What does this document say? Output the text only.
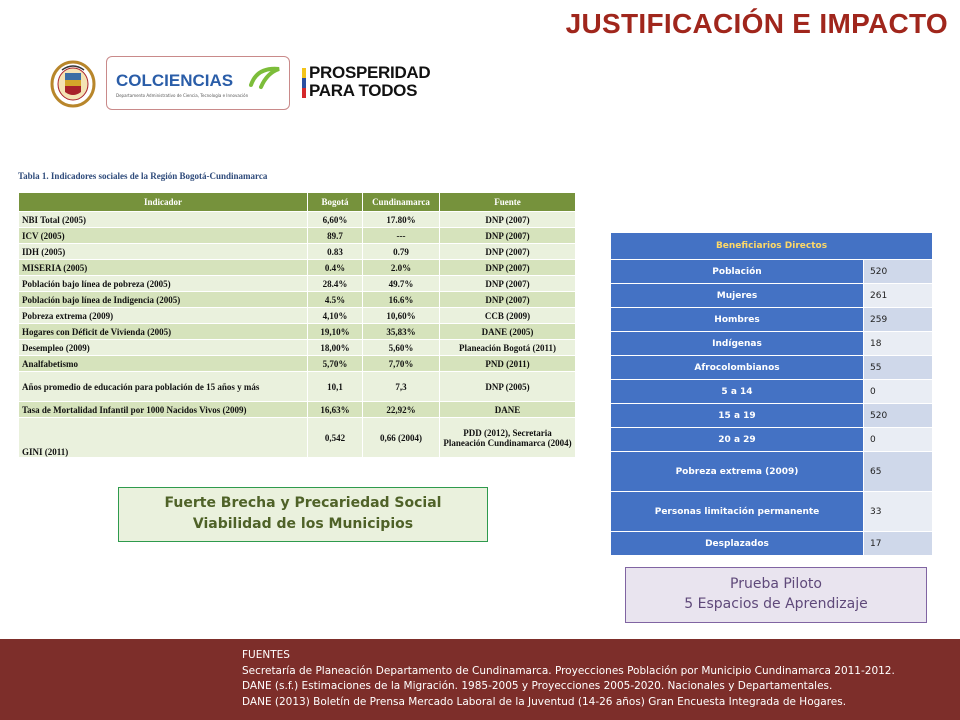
JUSTIFICACIÓN E IMPACTO
COLCIENCIAS
Departamento Administrativo de Ciencia, Tecnología e Innovación
PROSPERIDAD
PARA TODOS
Tabla 1. Indicadores sociales de la Región Bogotá-Cundinamarca
Indicador	Bogotá	Cundinamarca	Fuente
NBI Total (2005)	6,60%	17.80%	DNP (2007)
ICV (2005)	89.7	---	DNP (2007)
IDH (2005)	0.83	0.79	DNP (2007)
MISERIA (2005)	0.4%	2.0%	DNP (2007)
Población bajo línea de pobreza (2005)	28.4%	49.7%	DNP (2007)
Población bajo línea de Indigencia (2005)	4.5%	16.6%	DNP (2007)
Pobreza extrema (2009)	4,10%	10,60%	CCB (2009)
Hogares con Déficit de Vivienda (2005)	19,10%	35,83%	DANE (2005)
Desempleo (2009)	18,00%	5,60%	Planeación Bogotá (2011)
Analfabetismo	5,70%	7,70%	PND (2011)
Años promedio de educación para población de 15 años y más	10,1	7,3	DNP (2005)
Tasa de Mortalidad Infantil por 1000 Nacidos Vivos (2009)	16,63%	22,92%	DANE
GINI (2011)	0,542	0,66 (2004)	PDD (2012), Secretaria Planeación Cundinamarca (2004)
Fuerte Brecha y Precariedad Social
Viabilidad de los Municipios
Beneficiarios Directos	
Población	520
Mujeres	261
Hombres	259
Indígenas	18
Afrocolombianos	55
5 a 14	0
15 a 19	520
20 a 29	0
Pobreza extrema (2009)	65
Personas limitación permanente	33
Desplazados	17
Prueba Piloto
5 Espacios de Aprendizaje
FUENTES
Secretaría de Planeación Departamento de Cundinamarca. Proyecciones Población por Municipio Cundinamarca 2011-2012.
DANE (s.f.) Estimaciones de la Migración. 1985-2005 y Proyecciones 2005-2020. Nacionales y Departamentales.
DANE (2013) Boletín de Prensa Mercado Laboral de la Juventud (14-26 años) Gran Encuesta Integrada de Hogares.
